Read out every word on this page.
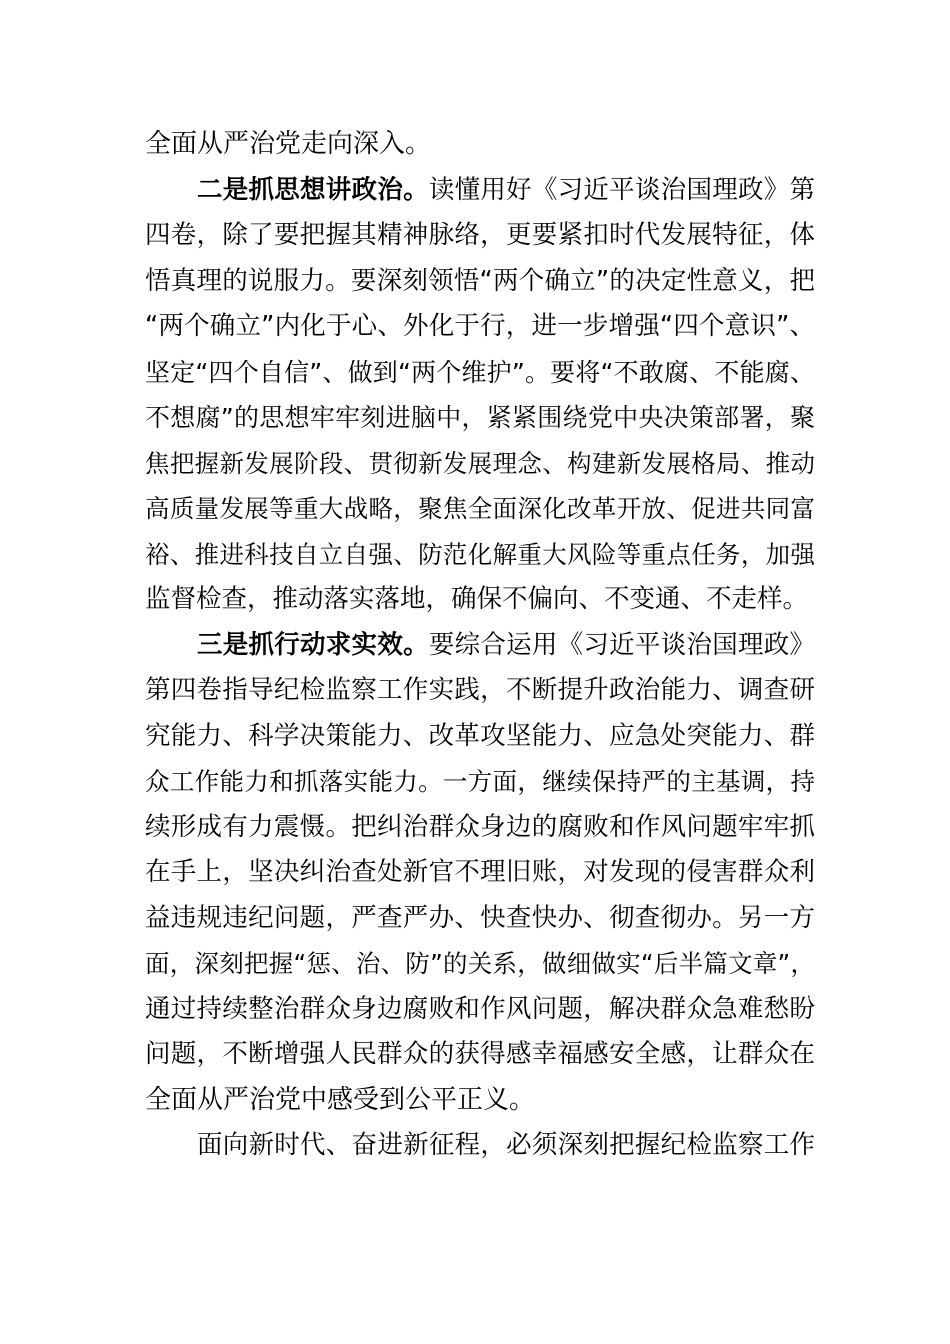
全面从严治党走向深入。
二是抓思想讲政治。读懂用好《习近平谈治国理政》第
四卷，除了要把握其精神脉络，更要紧扣时代发展特征，体
悟真理的说服力。要深刻领悟“两个确立”的决定性意义，把
“两个确立”内化于心、外化于行，进一步增强“四个意识”、
坚定“四个自信”、做到“两个维护”。要将“不敢腐、不能腐、
不想腐”的思想牢牢刻进脑中，紧紧围绕党中央决策部署，聚
焦把握新发展阶段、贯彻新发展理念、构建新发展格局、推动
高质量发展等重大战略，聚焦全面深化改革开放、促进共同富
裕、推进科技自立自强、防范化解重大风险等重点任务，加强
监督检查，推动落实落地，确保不偏向、不变通、不走样。
三是抓行动求实效。要综合运用《习近平谈治国理政》
第四卷指导纪检监察工作实践，不断提升政治能力、调查研
究能力、科学决策能力、改革攻坚能力、应急处突能力、群
众工作能力和抓落实能力。一方面，继续保持严的主基调，持
续形成有力震慑。把纠治群众身边的腐败和作风问题牢牢抓
在手上，坚决纠治查处新官不理旧账，对发现的侵害群众利
益违规违纪问题，严查严办、快查快办、彻查彻办。另一方
面，深刻把握“惩、治、防”的关系，做细做实“后半篇文章”，
通过持续整治群众身边腐败和作风问题，解决群众急难愁盼
问题，不断增强人民群众的获得感幸福感安全感，让群众在
全面从严治党中感受到公平正义。
面向新时代、奋进新征程，必须深刻把握纪检监察工作
